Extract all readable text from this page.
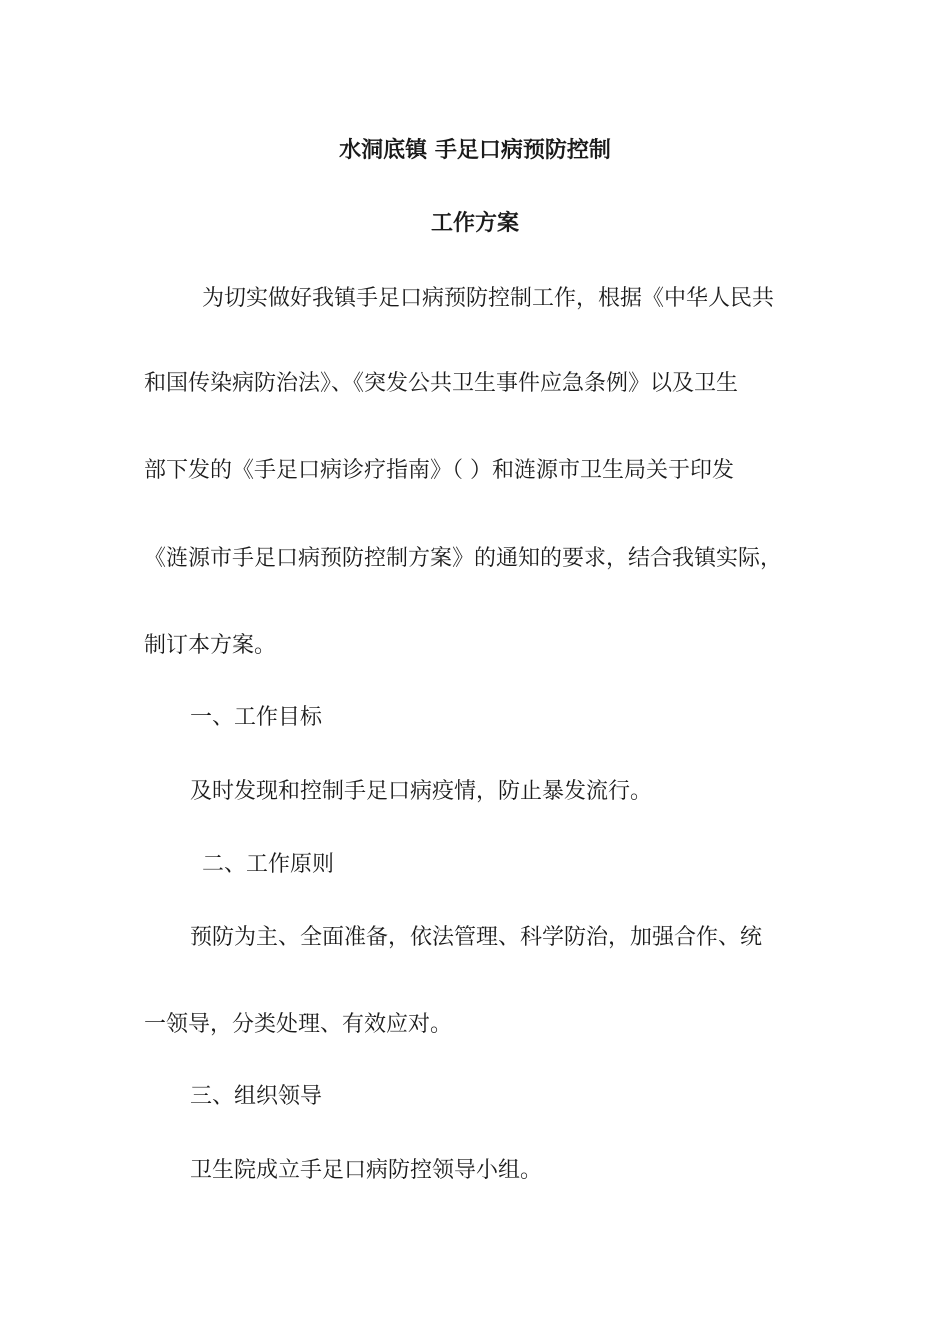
水洞底镇 手足口病预防控制
工作方案
为切实做好我镇手足口病预防控制工作，根据《中华人民共
和国传染病防治法》、《突发公共卫生事件应急条例》以及卫生
部下发的《手足口病诊疗指南》（ ）和涟源市卫生局关于印发
《涟源市手足口病预防控制方案》的通知的要求，结合我镇实际，
制订本方案。
一、工作目标
及时发现和控制手足口病疫情，防止暴发流行。
二、工作原则
预防为主、全面准备，依法管理、科学防治，加强合作、统
一领导，分类处理、有效应对。
三、组织领导
卫生院成立手足口病防控领导小组。
